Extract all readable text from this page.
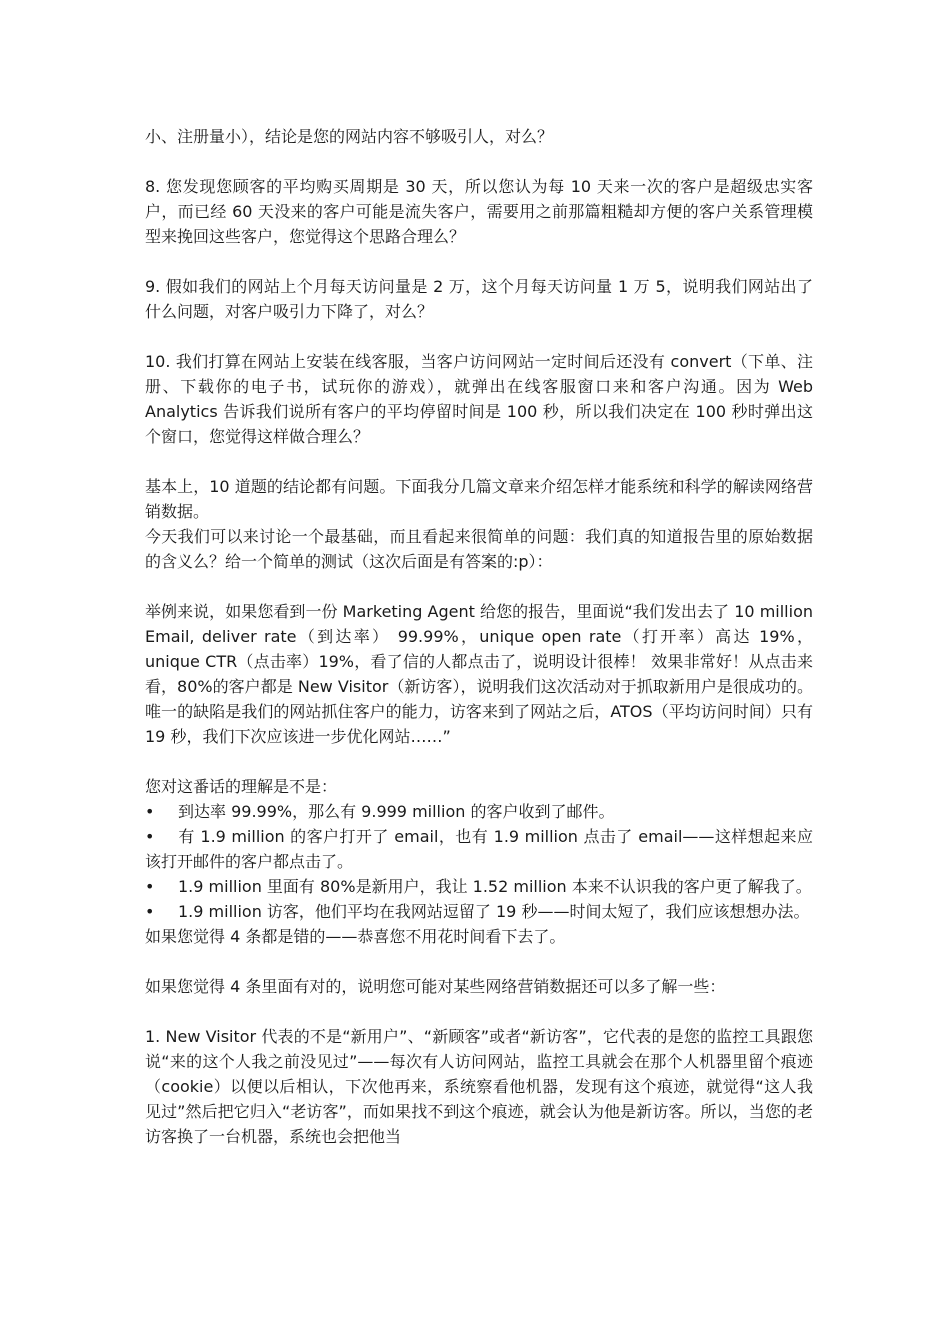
小、注册量小），结论是您的网站内容不够吸引人，对么？

8. 您发现您顾客的平均购买周期是 30 天，所以您认为每 10 天来一次的客户是超级忠实客户，而已经 60 天没来的客户可能是流失客户，需要用之前那篇粗糙却方便的客户关系管理模型来挽回这些客户，您觉得这个思路合理么？

9. 假如我们的网站上个月每天访问量是 2 万，这个月每天访问量 1 万 5，说明我们网站出了什么问题，对客户吸引力下降了，对么？

10. 我们打算在网站上安装在线客服，当客户访问网站一定时间后还没有 convert（下单、注册、下载你的电子书，试玩你的游戏），就弹出在线客服窗口来和客户沟通。因为 Web Analytics 告诉我们说所有客户的平均停留时间是 100 秒，所以我们决定在 100 秒时弹出这个窗口，您觉得这样做合理么？

基本上，10 道题的结论都有问题。下面我分几篇文章来介绍怎样才能系统和科学的解读网络营销数据。

今天我们可以来讨论一个最基础，而且看起来很简单的问题：我们真的知道报告里的原始数据的含义么？给一个简单的测试（这次后面是有答案的:p）：

举例来说，如果您看到一份 Marketing Agent 给您的报告，里面说“我们发出去了 10 million Email, deliver rate（到达率） 99.99%，unique open rate（打开率）高达 19%，unique CTR（点击率）19%，看了信的人都点击了，说明设计很棒！ 效果非常好！从点击来看，80%的客户都是 New Visitor（新访客），说明我们这次活动对于抓取新用户是很成功的。唯一的缺陷是我们的网站抓住客户的能力，访客来到了网站之后，ATOS（平均访问时间）只有 19 秒，我们下次应该进一步优化网站……”

您对这番话的理解是不是：

• 到达率 99.99%，那么有 9.999 million 的客户收到了邮件。

• 有 1.9 million 的客户打开了 email，也有 1.9 million 点击了 email——这样想起来应该打开邮件的客户都点击了。

• 1.9 million 里面有 80%是新用户，我让 1.52 million 本来不认识我的客户更了解我了。

• 1.9 million 访客，他们平均在我网站逗留了 19 秒——时间太短了，我们应该想想办法。

如果您觉得 4 条都是错的——恭喜您不用花时间看下去了。

如果您觉得 4 条里面有对的，说明您可能对某些网络营销数据还可以多了解一些：

1. New Visitor 代表的不是“新用户”、“新顾客”或者“新访客”，它代表的是您的监控工具跟您说“来的这个人我之前没见过”——每次有人访问网站，监控工具就会在那个人机器里留个痕迹（cookie）以便以后相认，下次他再来，系统察看他机器，发现有这个痕迹，就觉得“这人我见过”然后把它归入“老访客”，而如果找不到这个痕迹，就会认为他是新访客。所以，当您的老访客换了一台机器，系统也会把他当
